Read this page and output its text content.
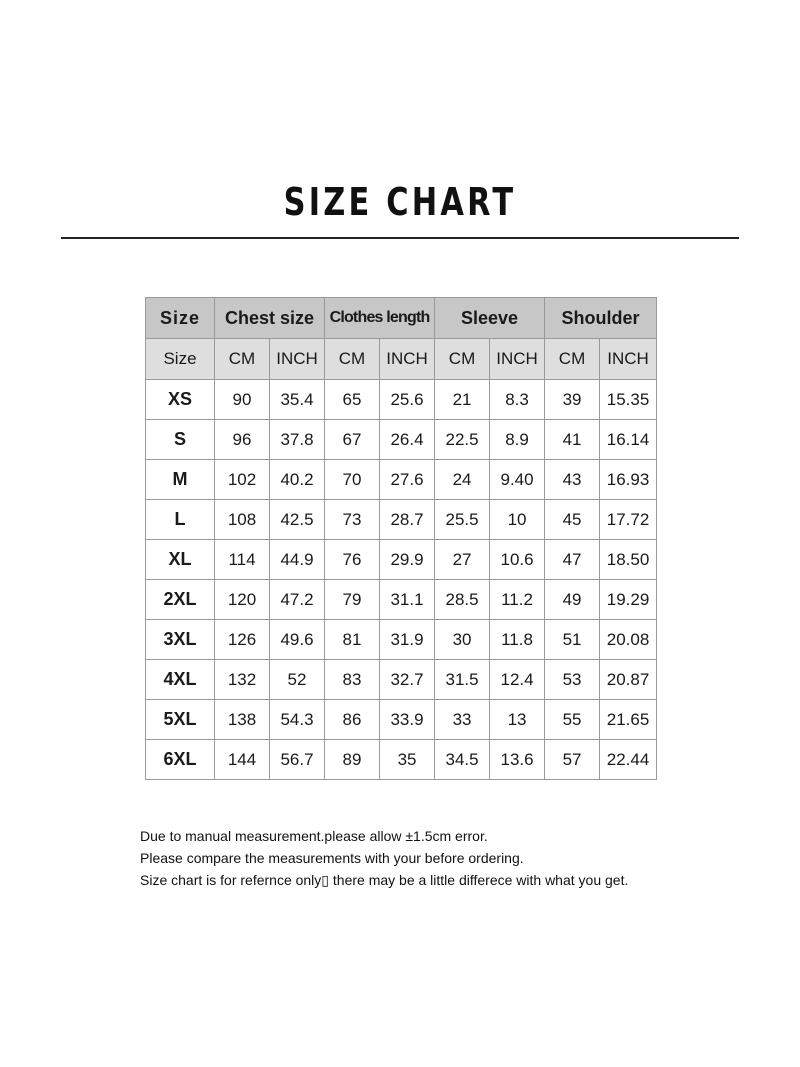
SIZE CHART
Size	Chest size		Clothes length		Sleeve		Shoulder	
Size	CM	INCH	CM	INCH	CM	INCH	CM	INCH
XS	90	35.4	65	25.6	21	8.3	39	15.35
S	96	37.8	67	26.4	22.5	8.9	41	16.14
M	102	40.2	70	27.6	24	9.40	43	16.93
L	108	42.5	73	28.7	25.5	10	45	17.72
XL	114	44.9	76	29.9	27	10.6	47	18.50
2XL	120	47.2	79	31.1	28.5	11.2	49	19.29
3XL	126	49.6	81	31.9	30	11.8	51	20.08
4XL	132	52	83	32.7	31.5	12.4	53	20.87
5XL	138	54.3	86	33.9	33	13	55	21.65
6XL	144	56.7	89	35	34.5	13.6	57	22.44

Due to manual measurement.please allow ±1.5cm error.

Please compare the measurements with your before ordering.

Size chart is for refernce only▯ there may be a little differece with what you get.
